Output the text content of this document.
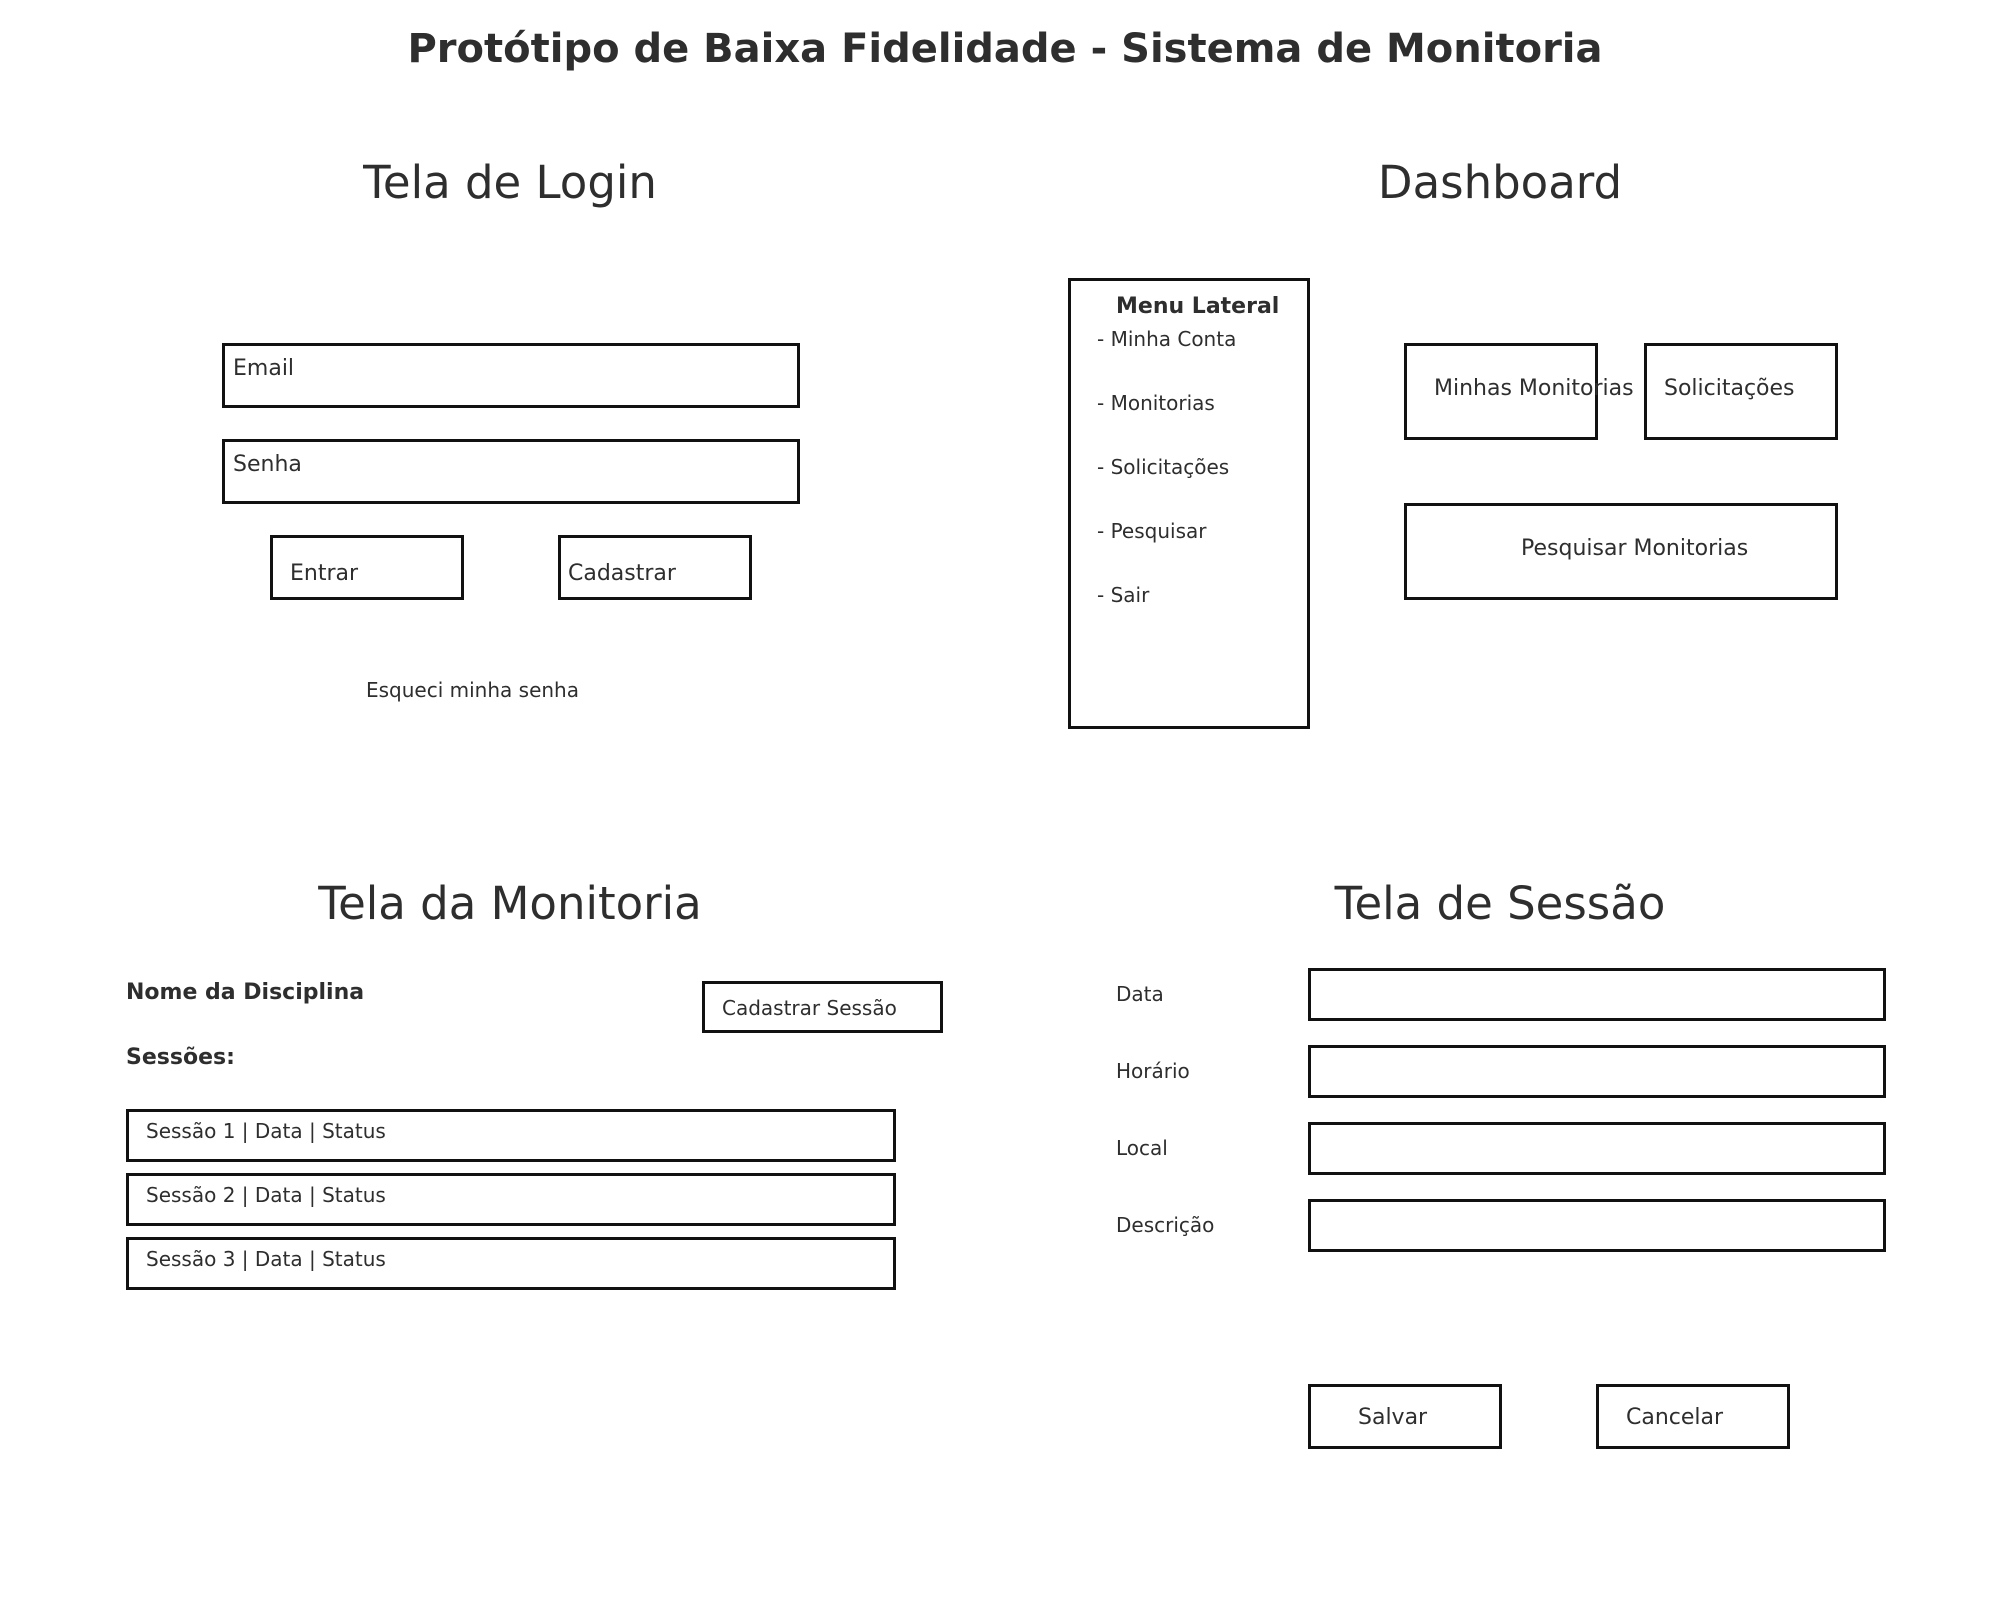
Protótipo de Baixa Fidelidade - Sistema de Monitoria
Tela de Login
Email
Senha
Entrar	Cadastrar
Esqueci minha senha
Dashboard
Menu Lateral
- Minha Conta
- Monitorias
- Solicitações
- Pesquisar
- Sair
Minhas Monitorias Solicitações
Pesquisar Monitorias
Tela da Monitoria
Nome da Disciplina
Sessões:
Cadastrar Sessão
Sessão 1 | Data | Status
Sessão 2 | Data | Status
Sessão 3 | Data | Status
Tela de Sessão
Data
Horário
Local
Descrição
Salvar	Cancelar
